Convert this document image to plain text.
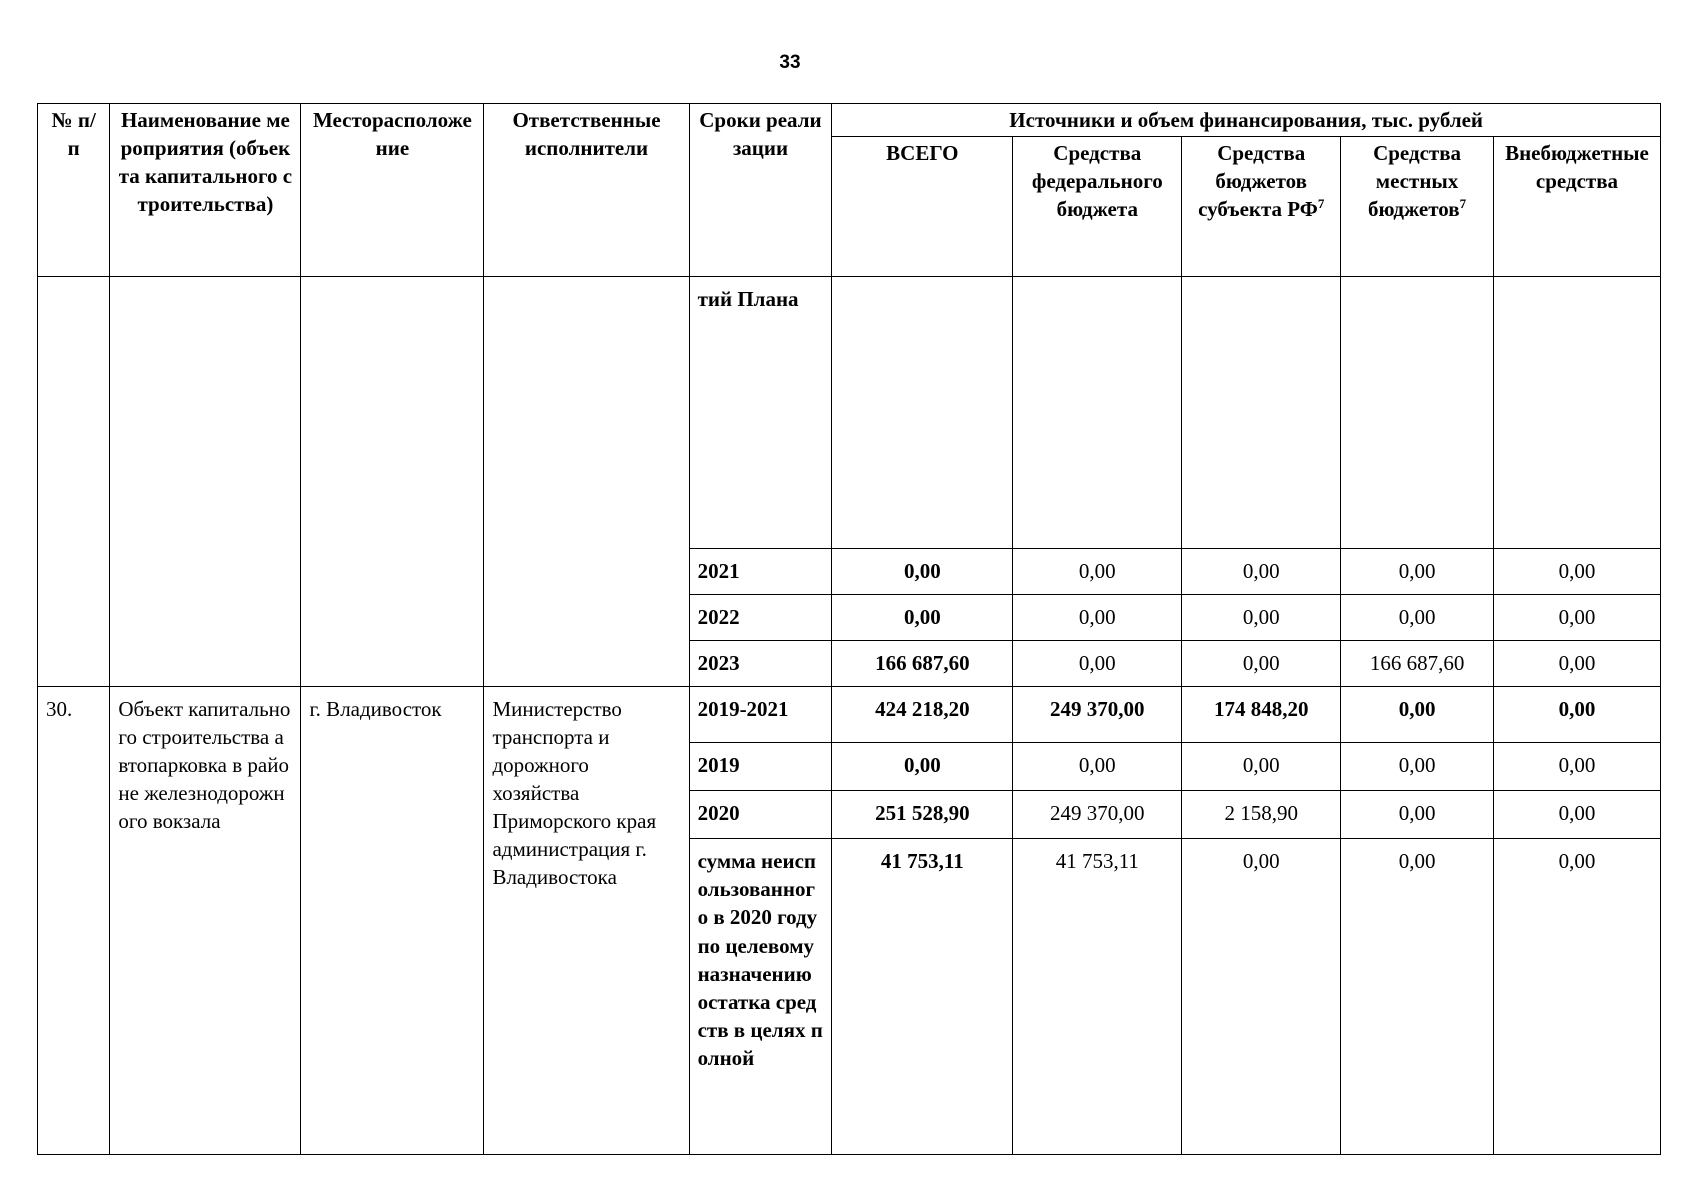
33
№ п/п	Наименование мероприятия (объекта капитального строительства)	Месторасположение	Ответственные исполнители	Сроки реализации	Источники и объем финансирования, тыс. рублей				
					ВСЕГО	Средства федерального бюджета	Средства бюджетов субъекта $РФ^7$	Средства местных бюджетов$^7$	Внебюджетные средства
				тий Плана					
				2021	0,00	0,00	0,00	0,00	0,00
				2022	0,00	0,00	0,00	0,00	0,00
				2023	166 687,60	0,00	0,00	166 687,60	0,00
30.	Объект капитального строительства автопарковка в районе железнодорожного вокзала	г. Владивосток	Министерство транспорта и дорожного хозяйства Приморского края администрация г. Владивостока	2019-2021	424 218,20	249 370,00	174 848,20	0,00	0,00
				2019	0,00	0,00	0,00	0,00	0,00
				2020	251 528,90	249 370,00	2 158,90	0,00	0,00
				сумма неиспользованного в 2020 году по целевому назначению остатка средств в целях полной	41 753,11	41 753,11	0,00	0,00	0,00
